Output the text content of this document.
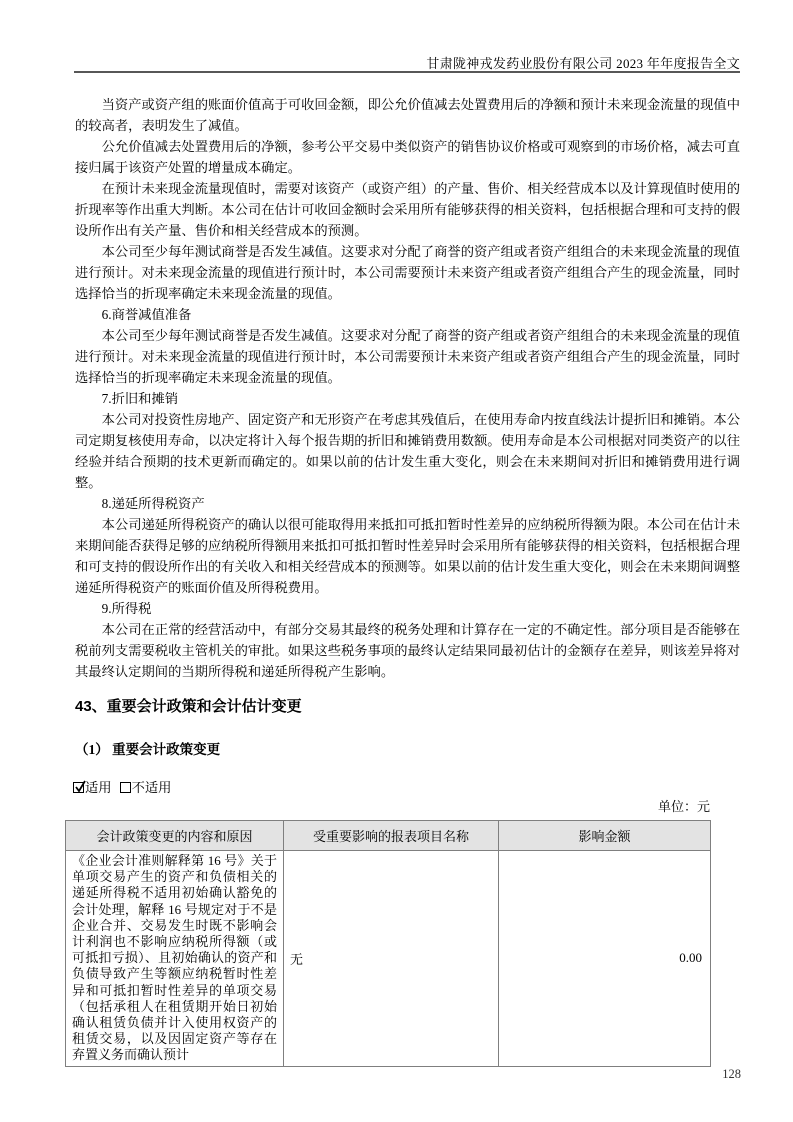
甘肃陇神戎发药业股份有限公司 2023 年年度报告全文

当资产或资产组的账面价值高于可收回金额，即公允价值减去处置费用后的净额和预计未来现金流量的现值中的较高者，表明发生了减值。

公允价值减去处置费用后的净额，参考公平交易中类似资产的销售协议价格或可观察到的市场价格，减去可直接归属于该资产处置的增量成本确定。

在预计未来现金流量现值时，需要对该资产（或资产组）的产量、售价、相关经营成本以及计算现值时使用的折现率等作出重大判断。本公司在估计可收回金额时会采用所有能够获得的相关资料，包括根据合理和可支持的假设所作出有关产量、售价和相关经营成本的预测。

本公司至少每年测试商誉是否发生减值。这要求对分配了商誉的资产组或者资产组组合的未来现金流量的现值进行预计。对未来现金流量的现值进行预计时，本公司需要预计未来资产组或者资产组组合产生的现金流量，同时选择恰当的折现率确定未来现金流量的现值。

6.商誉减值准备

本公司至少每年测试商誉是否发生减值。这要求对分配了商誉的资产组或者资产组组合的未来现金流量的现值进行预计。对未来现金流量的现值进行预计时，本公司需要预计未来资产组或者资产组组合产生的现金流量，同时选择恰当的折现率确定未来现金流量的现值。

7.折旧和摊销

本公司对投资性房地产、固定资产和无形资产在考虑其残值后，在使用寿命内按直线法计提折旧和摊销。本公司定期复核使用寿命，以决定将计入每个报告期的折旧和摊销费用数额。使用寿命是本公司根据对同类资产的以往经验并结合预期的技术更新而确定的。如果以前的估计发生重大变化，则会在未来期间对折旧和摊销费用进行调整。

8.递延所得税资产

本公司递延所得税资产的确认以很可能取得用来抵扣可抵扣暂时性差异的应纳税所得额为限。本公司在估计未来期间能否获得足够的应纳税所得额用来抵扣可抵扣暂时性差异时会采用所有能够获得的相关资料，包括根据合理和可支持的假设所作出的有关收入和相关经营成本的预测等。如果以前的估计发生重大变化，则会在未来期间调整递延所得税资产的账面价值及所得税费用。

9.所得税

本公司在正常的经营活动中，有部分交易其最终的税务处理和计算存在一定的不确定性。部分项目是否能够在税前列支需要税收主管机关的审批。如果这些税务事项的最终认定结果同最初估计的金额存在差异，则该差异将对其最终认定期间的当期所得税和递延所得税产生影响。

43、重要会计政策和会计估计变更
（1） 重要会计政策变更
适用 不适用
单位：元
会计政策变更的内容和原因	受重要影响的报表项目名称	影响金额
《企业会计准则解释第 16 号》关于单项交易产生的资产和负债相关的递延所得税不适用初始确认豁免的会计处理，解释 16 号规定对于不是企业合并、交易发生时既不影响会计利润也不影响应纳税所得额（或可抵扣亏损）、且初始确认的资产和负债导致产生等额应纳税暂时性差异和可抵扣暂时性差异的单项交易（包括承租人在租赁期开始日初始确认租赁负债并计入使用权资产的租赁交易，以及因固定资产等存在弃置义务而确认预计	无	0.00
128
